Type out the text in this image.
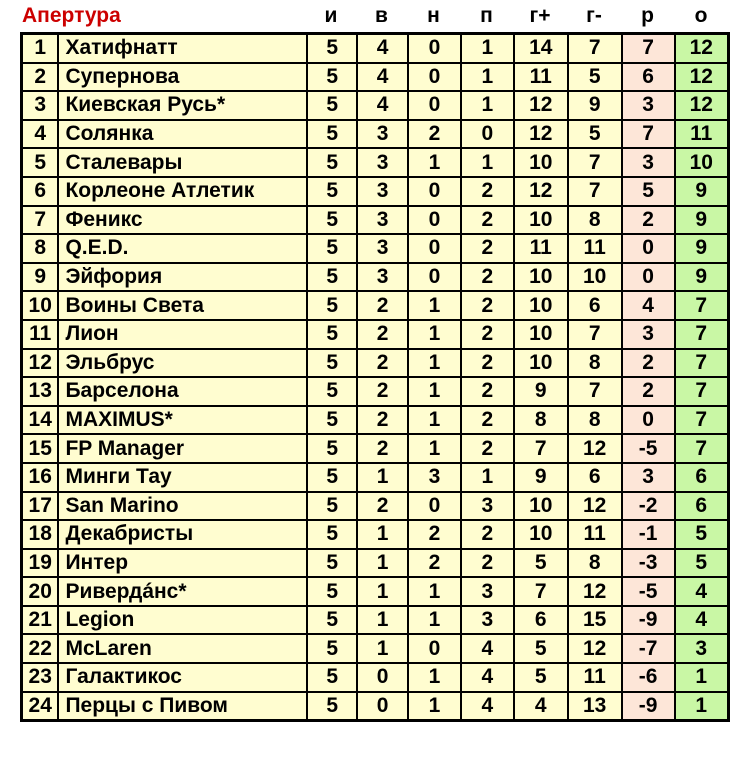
Апертура	и	в	н	п	г+	г-	р	о
1	Хатифнатт	5	4	0	1	14	7	7	12
2	Супернова	5	4	0	1	11	5	6	12
3	Киевская Русь*	5	4	0	1	12	9	3	12
4	Солянка	5	3	2	0	12	5	7	11
5	Сталевары	5	3	1	1	10	7	3	10
6	Корлеоне Атлетик	5	3	0	2	12	7	5	9
7	Феникс	5	3	0	2	10	8	2	9
8	Q.E.D.	5	3	0	2	11	11	0	9
9	Эйфория	5	3	0	2	10	10	0	9
10	Воины Света	5	2	1	2	10	6	4	7
11	Лион	5	2	1	2	10	7	3	7
12	Эльбрус	5	2	1	2	10	8	2	7
13	Барселона	5	2	1	2	9	7	2	7
14	MAXIMUS*	5	2	1	2	8	8	0	7
15	FP Manager	5	2	1	2	7	12	-5	7
16	Минги Тау	5	1	3	1	9	6	3	6
17	San Marino	5	2	0	3	10	12	-2	6
18	Декабристы	5	1	2	2	10	11	-1	5
19	Интер	5	1	2	2	5	8	-3	5
20	Ривердáнс*	5	1	1	3	7	12	-5	4
21	Legion	5	1	1	3	6	15	-9	4
22	McLaren	5	1	0	4	5	12	-7	3
23	Галактикос	5	0	1	4	5	11	-6	1
24	Перцы с Пивом	5	0	1	4	4	13	-9	1
